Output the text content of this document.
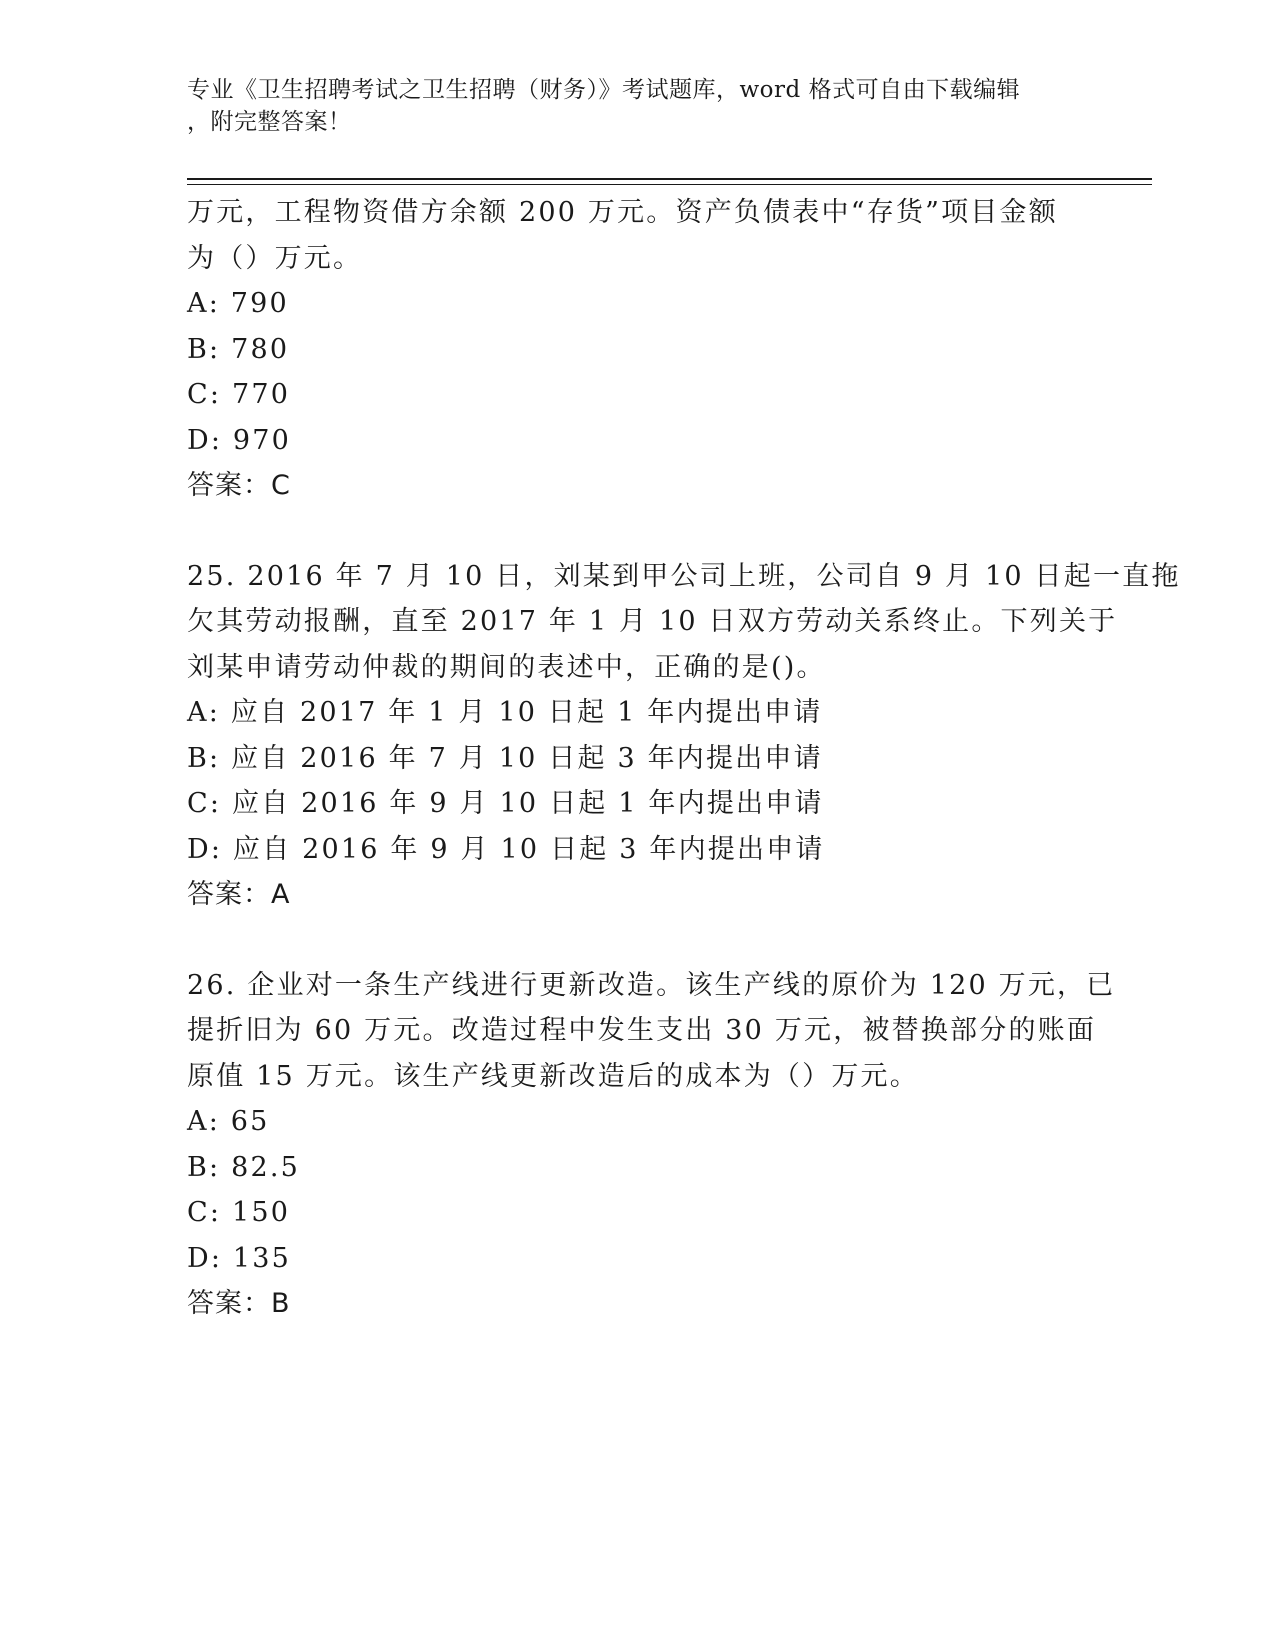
专业《卫生招聘考试之卫生招聘（财务）》考试题库，word 格式可自由下载编辑
，附完整答案！

万元，工程物资借方余额 200 万元。资产负债表中“存货”项目金额

为（）万元。

A: 790

B: 780

C: 770

D: 970

答案：C

25. 2016 年 7 月 10 日，刘某到甲公司上班，公司自 9 月 10 日起一直拖

欠其劳动报酬，直至 2017 年 1 月 10 日双方劳动关系终止。下列关于

刘某申请劳动仲裁的期间的表述中，正确的是()。

A: 应自 2017 年 1 月 10 日起 1 年内提出申请

B: 应自 2016 年 7 月 10 日起 3 年内提出申请

C: 应自 2016 年 9 月 10 日起 1 年内提出申请

D: 应自 2016 年 9 月 10 日起 3 年内提出申请

答案：A

26. 企业对一条生产线进行更新改造。该生产线的原价为 120 万元，已

提折旧为 60 万元。改造过程中发生支出 30 万元，被替换部分的账面

原值 15 万元。该生产线更新改造后的成本为（）万元。

A: 65

B: 82.5

C: 150

D: 135

答案：B
